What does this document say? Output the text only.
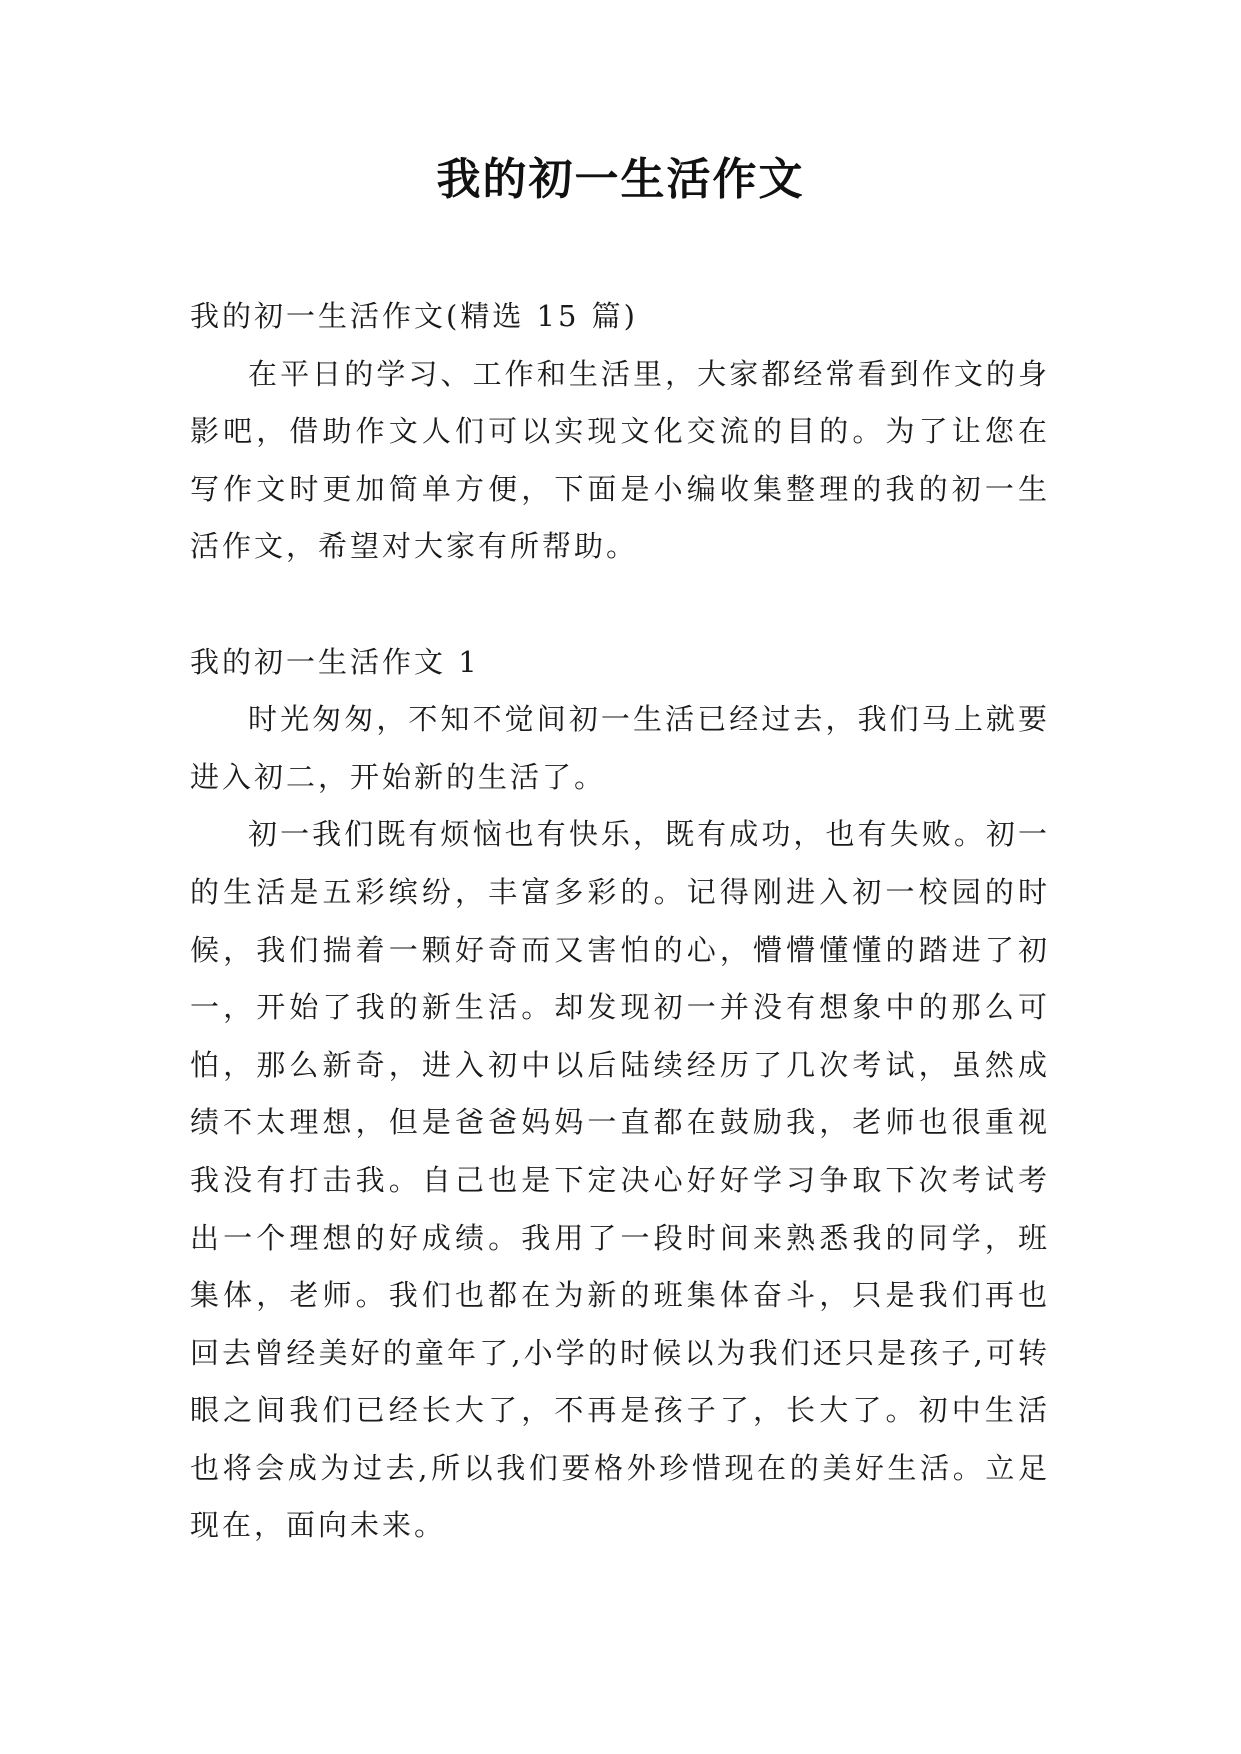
我的初一生活作文

我的初一生活作文(精选 15 篇)

在平日的学习、工作和生活里，大家都经常看到作文的身影吧，借助作文人们可以实现文化交流的目的。为了让您在写作文时更加简单方便，下面是小编收集整理的我的初一生活作文，希望对大家有所帮助。

我的初一生活作文 1

时光匆匆，不知不觉间初一生活已经过去，我们马上就要进入初二，开始新的生活了。

初一我们既有烦恼也有快乐，既有成功，也有失败。初一的生活是五彩缤纷，丰富多彩的。记得刚进入初一校园的时候，我们揣着一颗好奇而又害怕的心，懵懵懂懂的踏进了初一，开始了我的新生活。却发现初一并没有想象中的那么可怕，那么新奇，进入初中以后陆续经历了几次考试，虽然成绩不太理想，但是爸爸妈妈一直都在鼓励我，老师也很重视我没有打击我。自己也是下定决心好好学习争取下次考试考出一个理想的好成绩。我用了一段时间来熟悉我的同学，班集体，老师。我们也都在为新的班集体奋斗，只是我们再也回去曾经美好的童年了,小学的时候以为我们还只是孩子,可转眼之间我们已经长大了，不再是孩子了，长大了。初中生活也将会成为过去,所以我们要格外珍惜现在的美好生活。立足现在，面向未来。
